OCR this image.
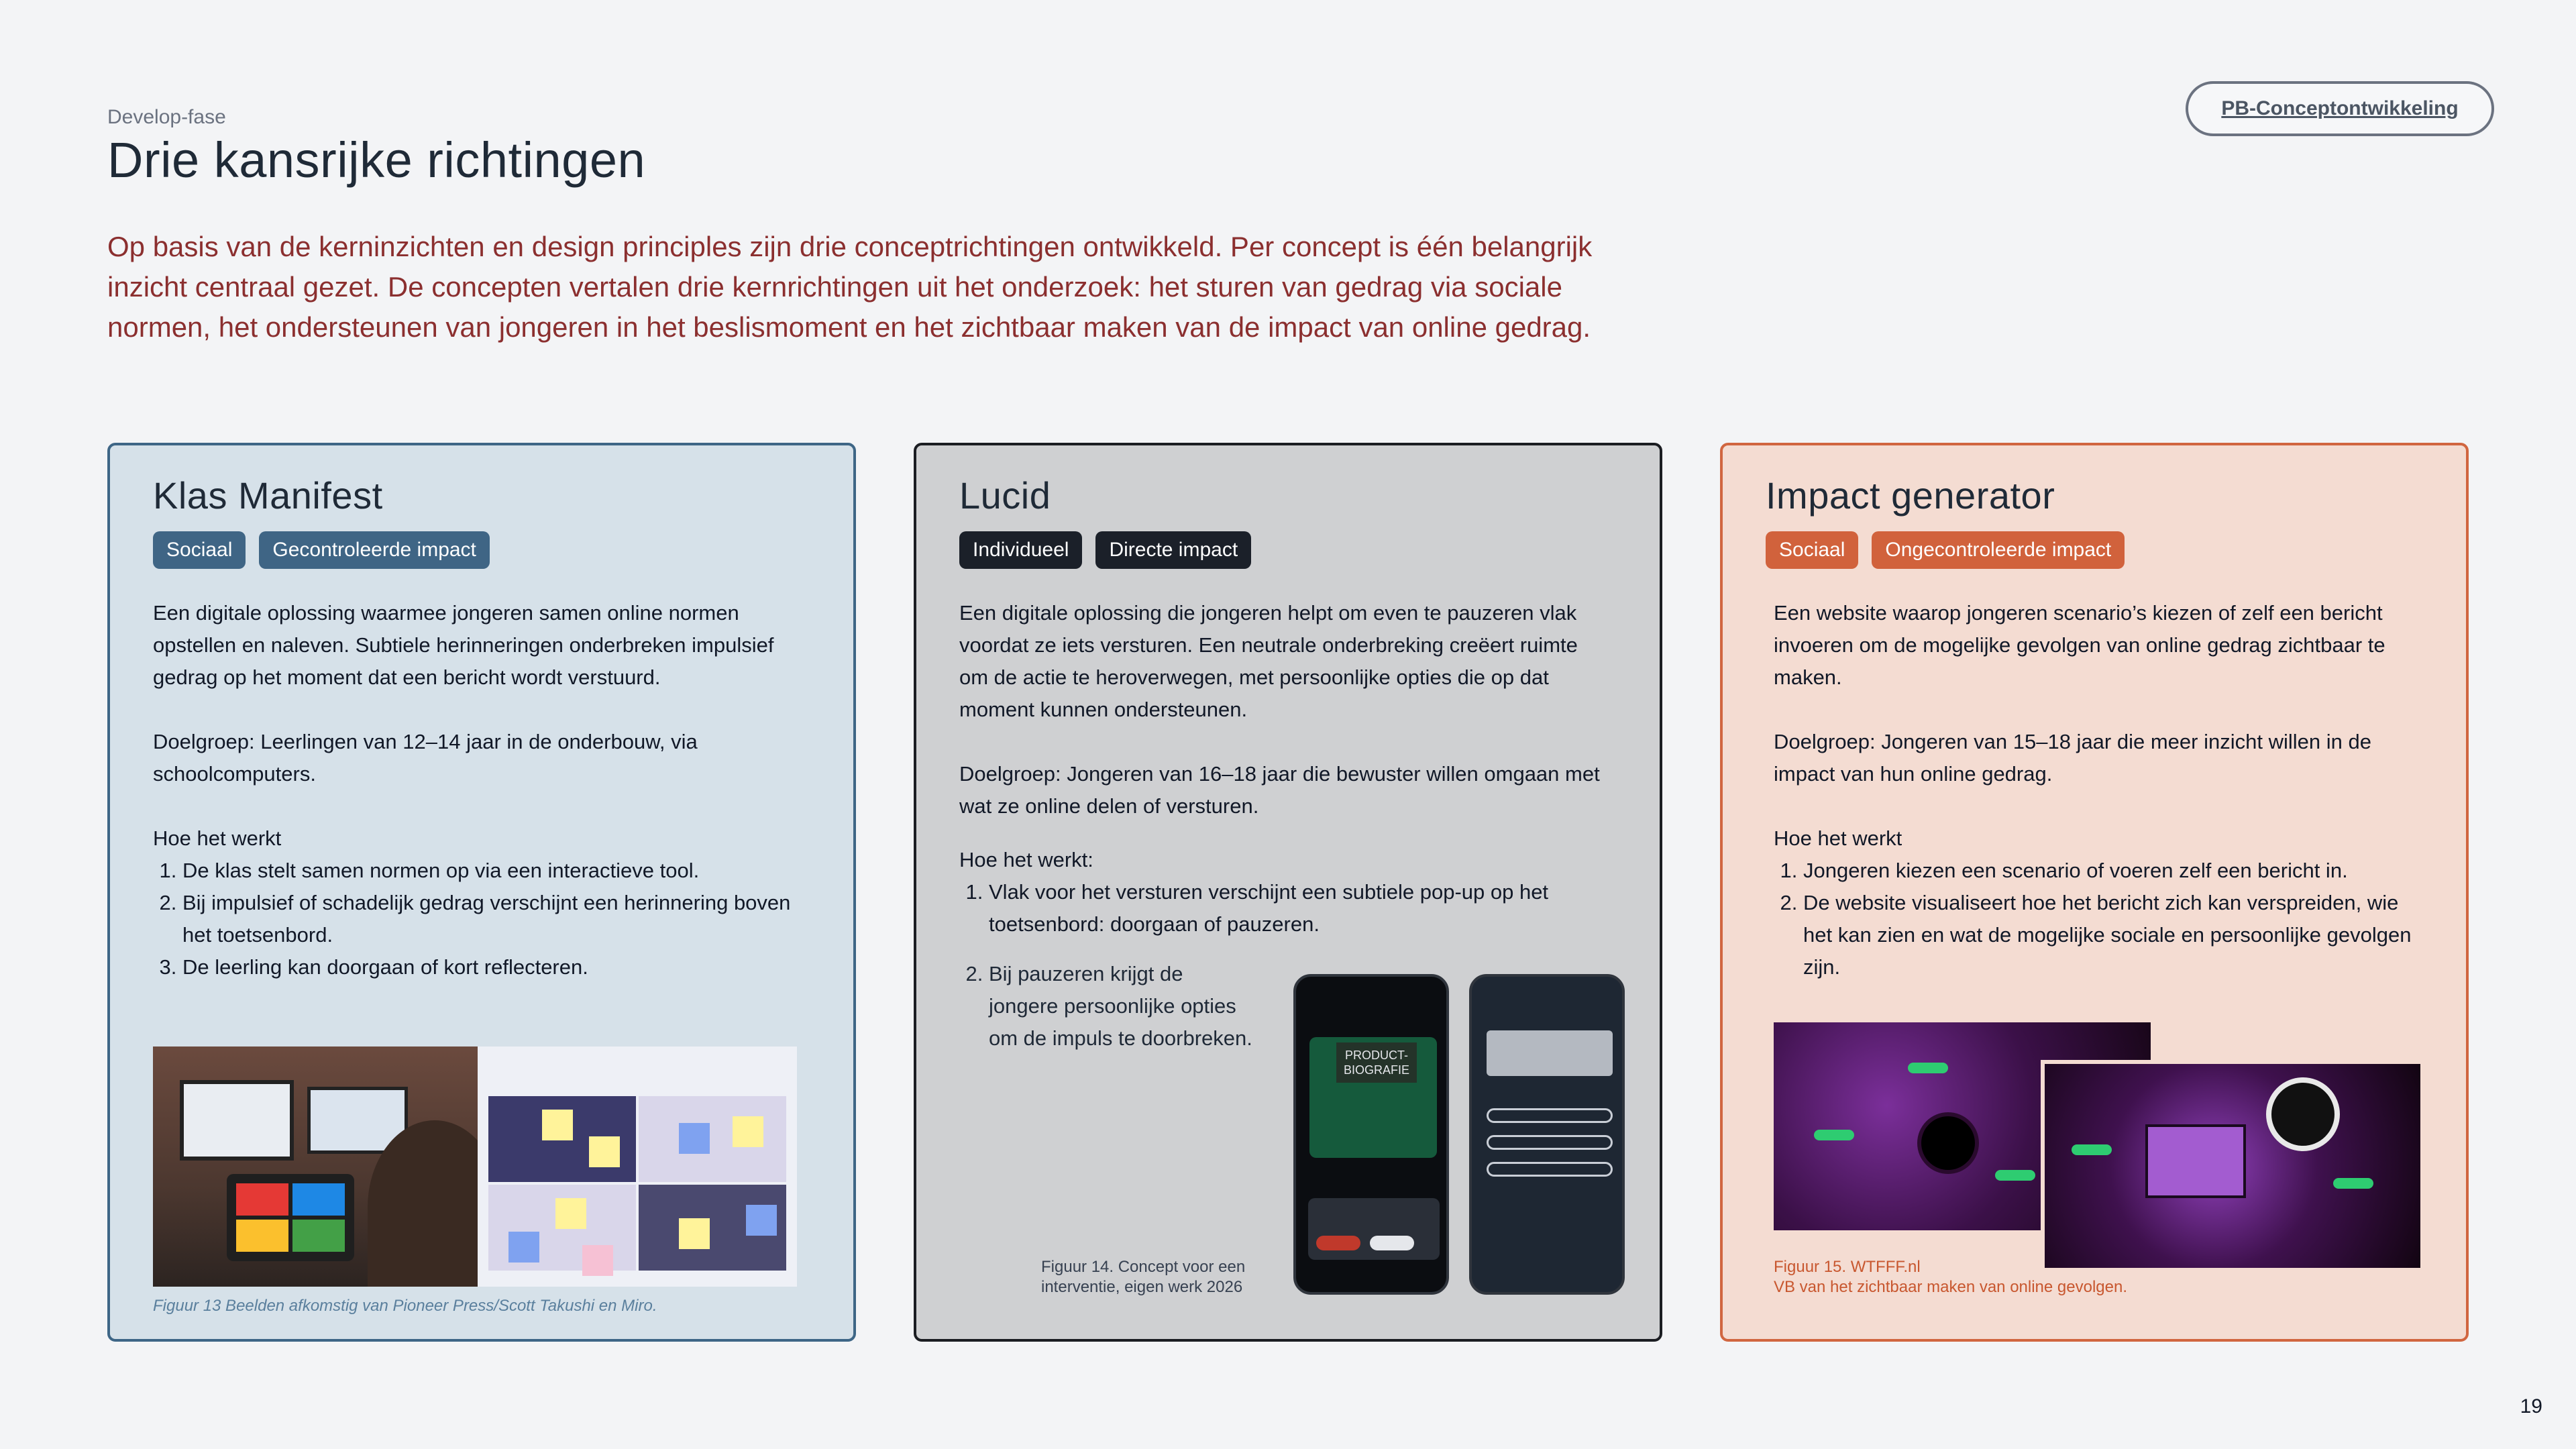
Develop-fase
Drie kansrijke richtingen

Op basis van de kerninzichten en design principles zijn drie conceptrichtingen ontwikkeld. Per concept is één belangrijk inzicht centraal gezet. De concepten vertalen drie kernrichtingen uit het onderzoek: het sturen van gedrag via sociale normen, het ondersteunen van jongeren in het beslismoment en het zichtbaar maken van de impact van online gedrag.

PB-Conceptontwikkeling
Klas Manifest
Sociaal	Gecontroleerde impact

Een digitale oplossing waarmee jongeren samen online normen opstellen en naleven. Subtiele herinneringen onderbreken impulsief gedrag op het moment dat een bericht wordt verstuurd.

Doelgroep: Leerlingen van 12–14 jaar in de onderbouw, via schoolcomputers.

Hoe het werkt
1. De klas stelt samen normen op via een interactieve tool.
2. Bij impulsief of schadelijk gedrag verschijnt een herinnering boven het toetsenbord.
3. De leerling kan doorgaan of kort reflecteren.
Figuur 13 Beelden afkomstig van Pioneer Press/Scott Takushi en Miro.
Lucid
Individueel	Directe impact

Een digitale oplossing die jongeren helpt om even te pauzeren vlak voordat ze iets versturen. Een neutrale onderbreking creëert ruimte om de actie te heroverwegen, met persoonlijke opties die op dat moment kunnen ondersteunen.

Doelgroep: Jongeren van 16–18 jaar die bewuster willen omgaan met wat ze online delen of versturen.

Hoe het werkt:
1. Vlak voor het versturen verschijnt een subtiele pop-up op het toetsenbord: doorgaan of pauzeren.
2. Bij pauzeren krijgt de jongere persoonlijke opties om de impuls te doorbreken.
PRODUCT-BIOGRAFIE
Figuur 14. Concept voor een
interventie, eigen werk 2026
Impact generator
Sociaal	Ongecontroleerde impact

Een website waarop jongeren scenario’s kiezen of zelf een bericht invoeren om de mogelijke gevolgen van online gedrag zichtbaar te maken.

Doelgroep: Jongeren van 15–18 jaar die meer inzicht willen in de impact van hun online gedrag.

Hoe het werkt
1. Jongeren kiezen een scenario of voeren zelf een bericht in.
2. De website visualiseert hoe het bericht zich kan verspreiden, wie het kan zien en wat de mogelijke sociale en persoonlijke gevolgen zijn.
Figuur 15. WTFFF.nl
VB van het zichtbaar maken van online gevolgen.
19
